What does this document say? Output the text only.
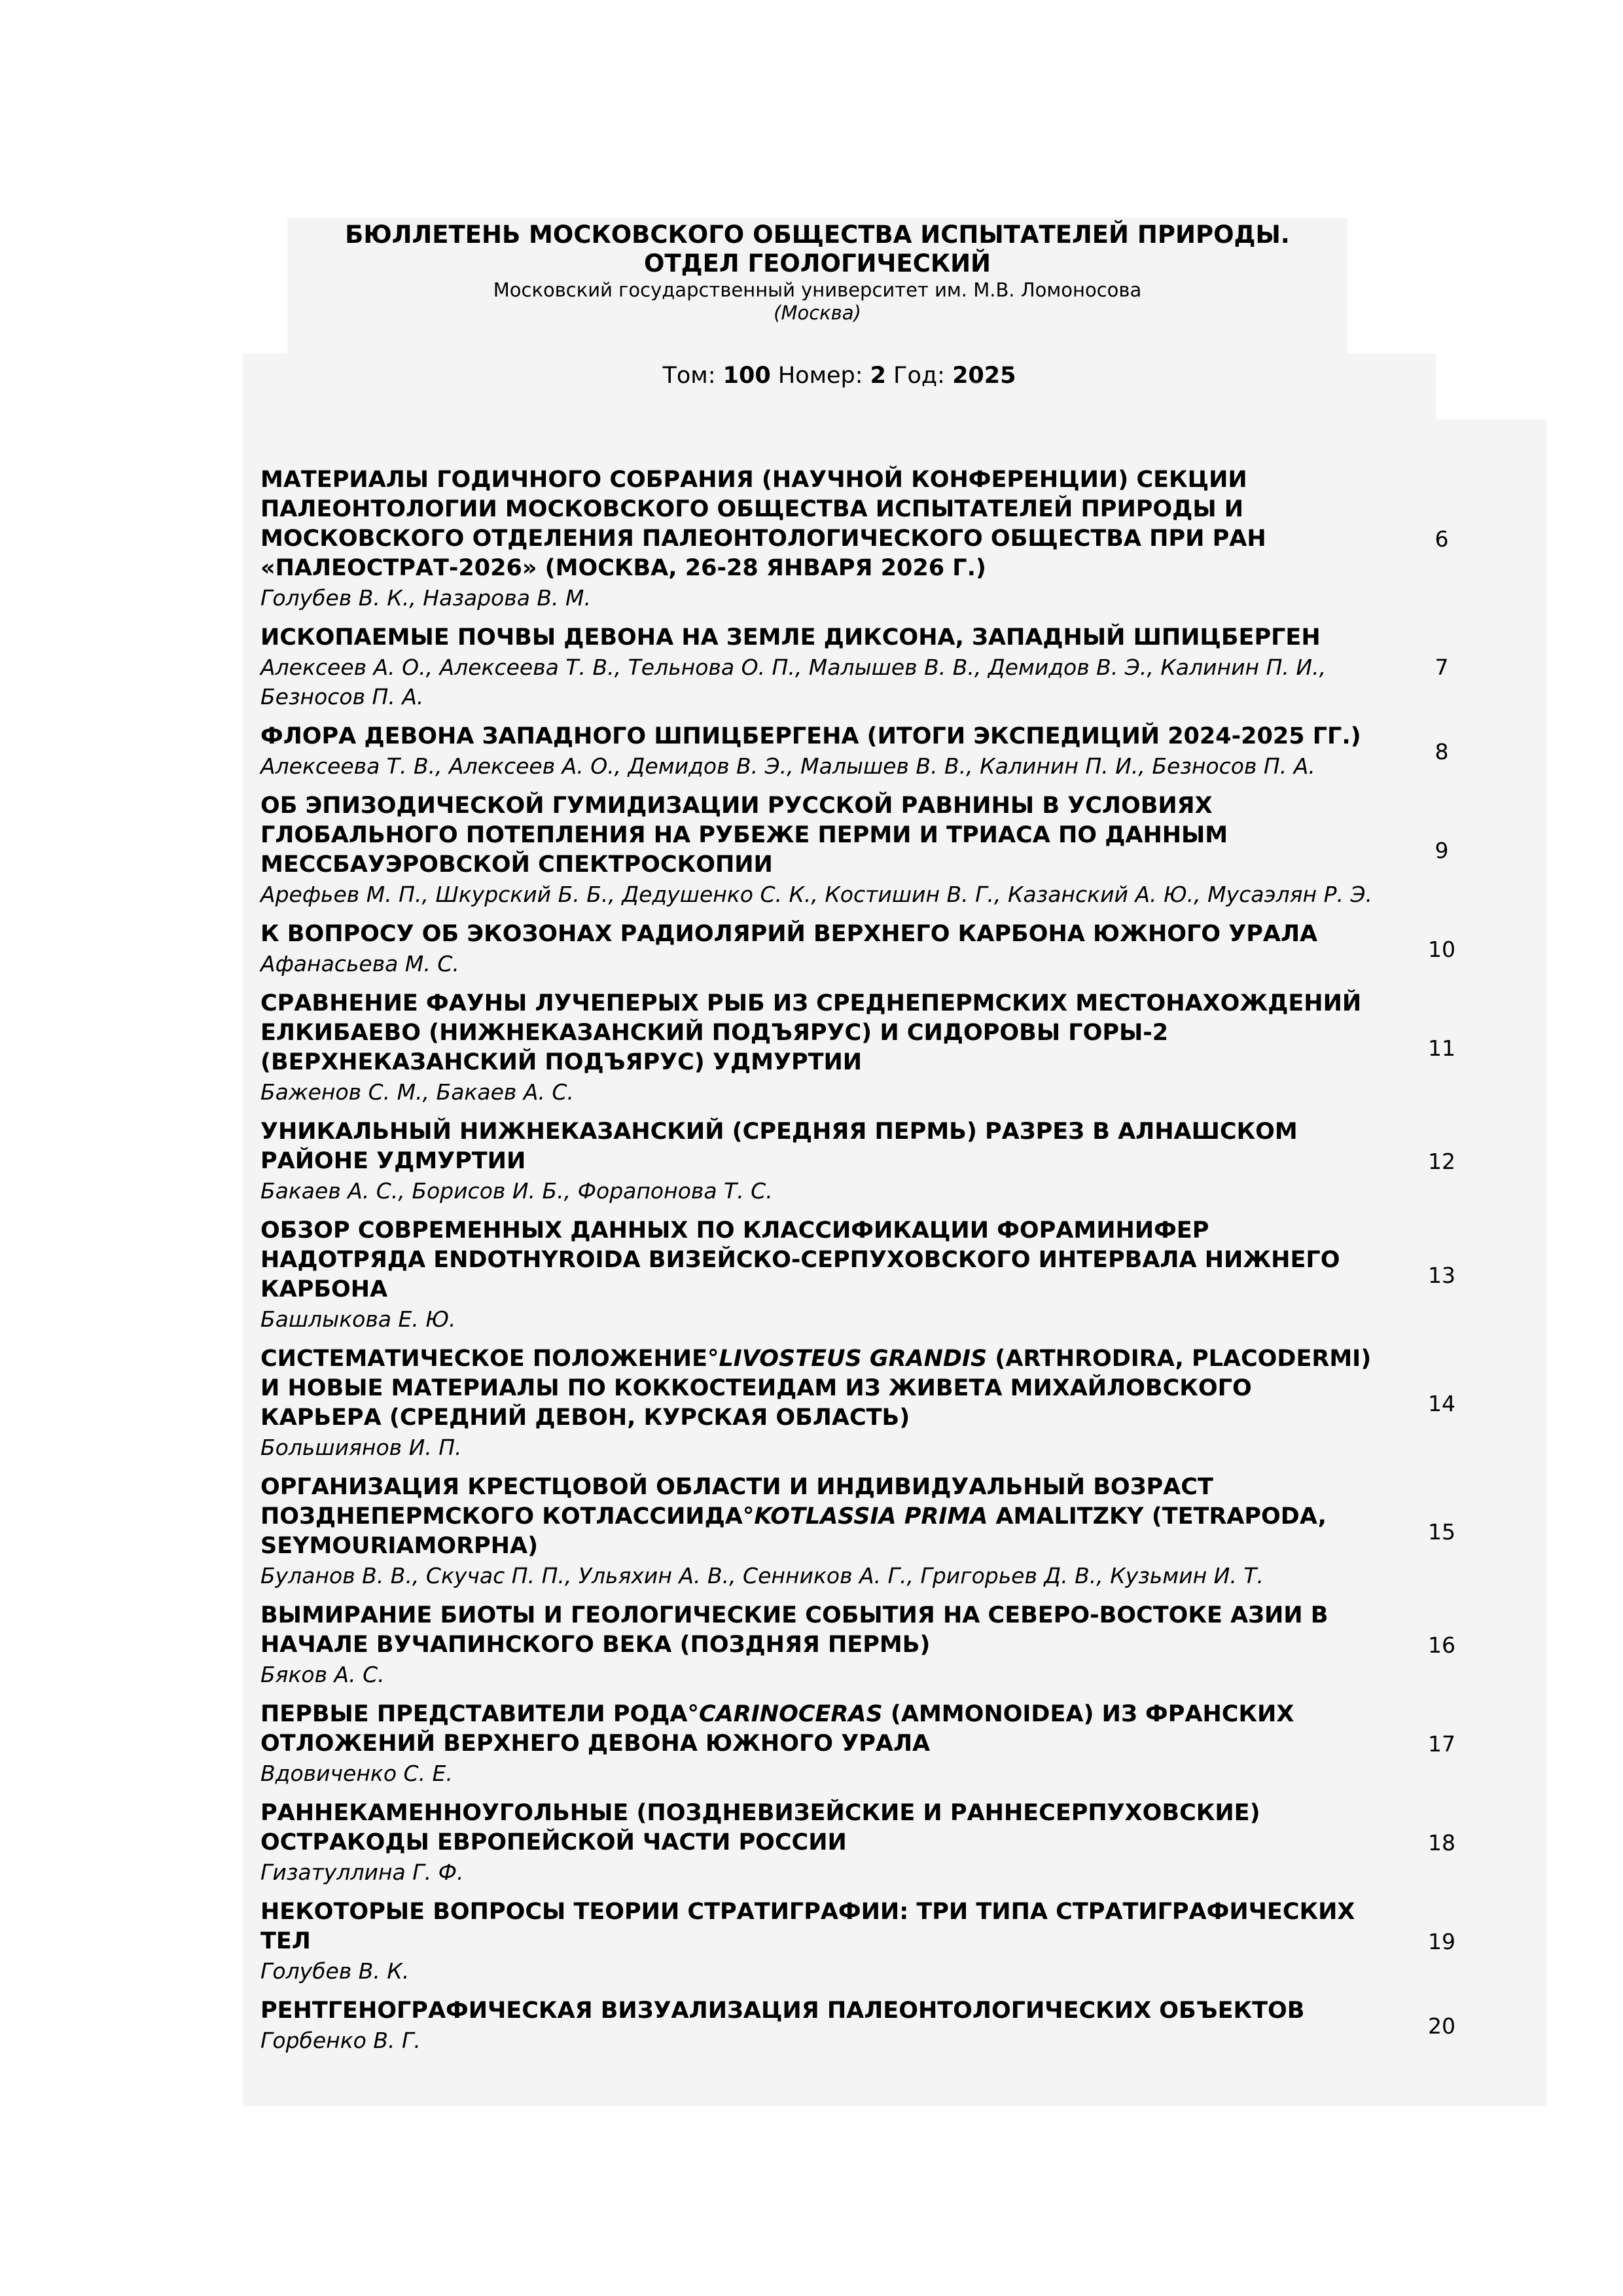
БЮЛЛЕТЕНЬ МОСКОВСКОГО ОБЩЕСТВА ИСПЫТАТЕЛЕЙ ПРИРОДЫ.
ОТДЕЛ ГЕОЛОГИЧЕСКИЙ
Московский государственный университет им. М.В. Ломоносова
(Москва)
Том: 100 Номер: 2 Год: 2025
МАТЕРИАЛЫ ГОДИЧНОГО СОБРАНИЯ (НАУЧНОЙ КОНФЕРЕНЦИИ) СЕКЦИИ ПАЛЕОНТОЛОГИИ МОСКОВСКОГО ОБЩЕСТВА ИСПЫТАТЕЛЕЙ ПРИРОДЫ И МОСКОВСКОГО ОТДЕЛЕНИЯ ПАЛЕОНТОЛОГИЧЕСКОГО ОБЩЕСТВА ПРИ РАН «ПАЛЕОСТРАТ-2026» (МОСКВА, 26-28 ЯНВАРЯ 2026 Г.)
Голубев В. К., Назарова В. М.
6
ИСКОПАЕМЫЕ ПОЧВЫ ДЕВОНА НА ЗЕМЛЕ ДИКСОНА, ЗАПАДНЫЙ ШПИЦБЕРГЕН
Алексеев А. О., Алексеева Т. В., Тельнова О. П., Малышев В. В., Демидов В. Э., Калинин П. И., Безносов П. А.
7
ФЛОРА ДЕВОНА ЗАПАДНОГО ШПИЦБЕРГЕНА (ИТОГИ ЭКСПЕДИЦИЙ 2024-2025 ГГ.)
Алексеева Т. В., Алексеев А. О., Демидов В. Э., Малышев В. В., Калинин П. И., Безносов П. А.
8
ОБ ЭПИЗОДИЧЕСКОЙ ГУМИДИЗАЦИИ РУССКОЙ РАВНИНЫ В УСЛОВИЯХ ГЛОБАЛЬНОГО ПОТЕПЛЕНИЯ НА РУБЕЖЕ ПЕРМИ И ТРИАСА ПО ДАННЫМ МЕССБАУЭРОВСКОЙ СПЕКТРОСКОПИИ
Арефьев М. П., Шкурский Б. Б., Дедушенко С. К., Костишин В. Г., Казанский А. Ю., Мусаэлян Р. Э.
9
К ВОПРОСУ ОБ ЭКОЗОНАХ РАДИОЛЯРИЙ ВЕРХНЕГО КАРБОНА ЮЖНОГО УРАЛА
Афанасьева М. С.
10
СРАВНЕНИЕ ФАУНЫ ЛУЧЕПЕРЫХ РЫБ ИЗ СРЕДНЕПЕРМСКИХ МЕСТОНАХОЖДЕНИЙ ЕЛКИБАЕВО (НИЖНЕКАЗАНСКИЙ ПОДЪЯРУС) И СИДОРОВЫ ГОРЫ-2 (ВЕРХНЕКАЗАНСКИЙ ПОДЪЯРУС) УДМУРТИИ
Баженов С. М., Бакаев А. С.
11
УНИКАЛЬНЫЙ НИЖНЕКАЗАНСКИЙ (СРЕДНЯЯ ПЕРМЬ) РАЗРЕЗ В АЛНАШСКОМ РАЙОНЕ УДМУРТИИ
Бакаев А. С., Борисов И. Б., Форапонова Т. С.
12
ОБЗОР СОВРЕМЕННЫХ ДАННЫХ ПО КЛАССИФИКАЦИИ ФОРАМИНИФЕР НАДОТРЯДА ENDOTHYROIDA ВИЗЕЙСКО-СЕРПУХОВСКОГО ИНТЕРВАЛА НИЖНЕГО КАРБОНА
Башлыкова Е. Ю.
13
СИСТЕМАТИЧЕСКОЕ ПОЛОЖЕНИЕ°LIVOSTEUS GRANDIS (ARTHRODIRA, PLACODERMI) И НОВЫЕ МАТЕРИАЛЫ ПО КОККОСТЕИДАМ ИЗ ЖИВЕТА МИХАЙЛОВСКОГО КАРЬЕРА (СРЕДНИЙ ДЕВОН, КУРСКАЯ ОБЛАСТЬ)
Большиянов И. П.
14
ОРГАНИЗАЦИЯ КРЕСТЦОВОЙ ОБЛАСТИ И ИНДИВИДУАЛЬНЫЙ ВОЗРАСТ ПОЗДНЕПЕРМСКОГО КОТЛАССИИДА°KOTLASSIA PRIMA AMALITZKY (TETRAPODA, SEYMOURIAMORPHA)
Буланов В. В., Скучас П. П., Ульяхин А. В., Сенников А. Г., Григорьев Д. В., Кузьмин И. Т.
15
ВЫМИРАНИЕ БИОТЫ И ГЕОЛОГИЧЕСКИЕ СОБЫТИЯ НА СЕВЕРО-ВОСТОКЕ АЗИИ В НАЧАЛЕ ВУЧАПИНСКОГО ВЕКА (ПОЗДНЯЯ ПЕРМЬ)
Бяков А. С.
16
ПЕРВЫЕ ПРЕДСТАВИТЕЛИ РОДА°CARINOCERAS (AMMONOIDEA) ИЗ ФРАНСКИХ ОТЛОЖЕНИЙ ВЕРХНЕГО ДЕВОНА ЮЖНОГО УРАЛА
Вдовиченко С. Е.
17
РАННЕКАМЕННОУГОЛЬНЫЕ (ПОЗДНЕВИЗЕЙСКИЕ И РАННЕСЕРПУХОВСКИЕ) ОСТРАКОДЫ ЕВРОПЕЙСКОЙ ЧАСТИ РОССИИ
Гизатуллина Г. Ф.
18
НЕКОТОРЫЕ ВОПРОСЫ ТЕОРИИ СТРАТИГРАФИИ: ТРИ ТИПА СТРАТИГРАФИЧЕСКИХ ТЕЛ
Голубев В. К.
19
РЕНТГЕНОГРАФИЧЕСКАЯ ВИЗУАЛИЗАЦИЯ ПАЛЕОНТОЛОГИЧЕСКИХ ОБЪЕКТОВ
Горбенко В. Г.
20
